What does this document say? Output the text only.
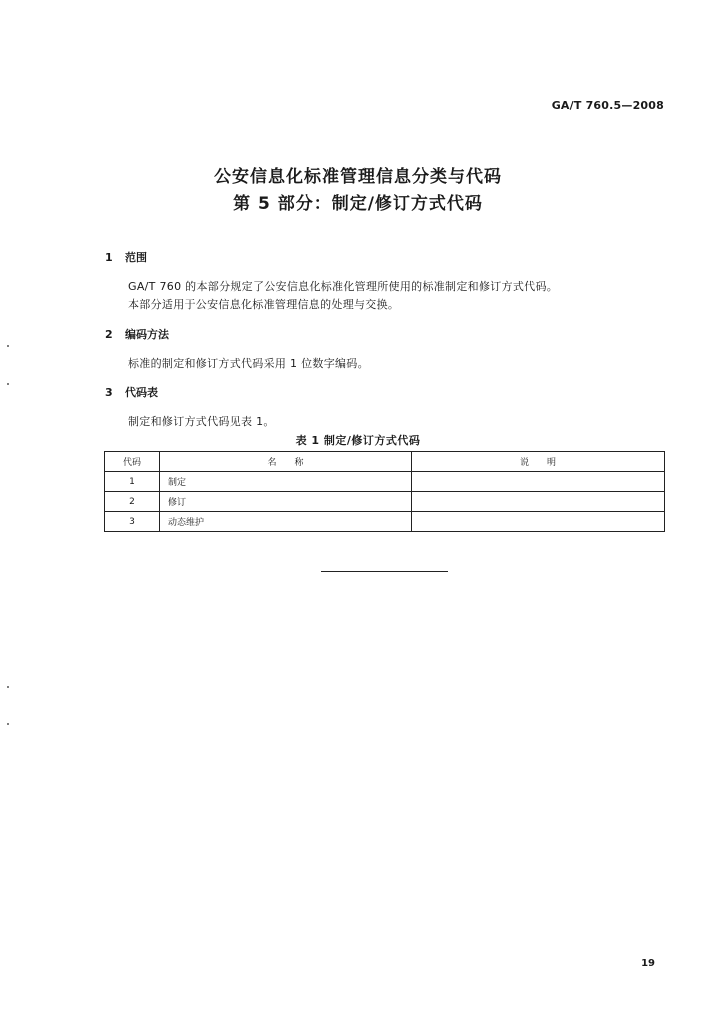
GA/T 760.5—2008
公安信息化标准管理信息分类与代码
第 5 部分：制定/修订方式代码
1 范围
GA/T 760 的本部分规定了公安信息化标准化管理所使用的标准制定和修订方式代码。
本部分适用于公安信息化标准管理信息的处理与交换。
2 编码方法
标准的制定和修订方式代码采用 1 位数字编码。
3 代码表
制定和修订方式代码见表 1。
表 1 制定/修订方式代码
代码	名　　称	说　　明
1	制定	
2	修订	
3	动态维护	
19
